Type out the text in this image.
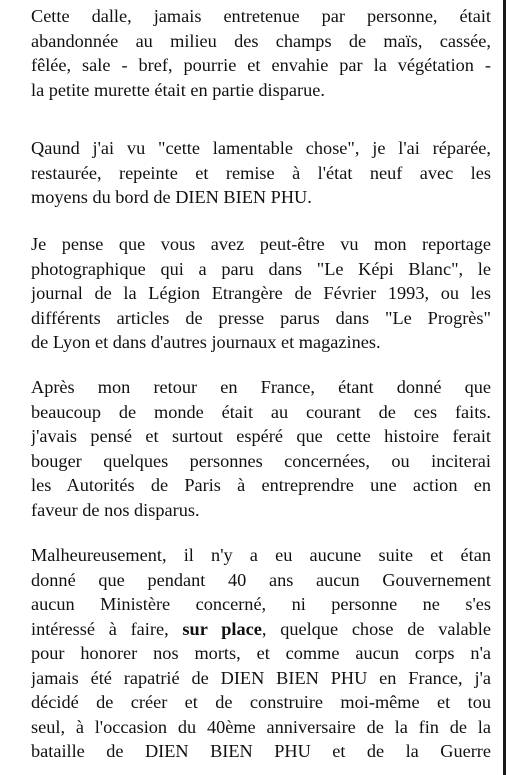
Cette dalle, jamais entretenue par personne, était
abandonnée au milieu des champs de maïs, cassée,
fêlée, sale - bref, pourrie et envahie par la végétation -
la petite murette était en partie disparue.
Qaund j'ai vu "cette lamentable chose", je l'ai réparée,
restaurée, repeinte et remise à l'état neuf avec les
moyens du bord de DIEN BIEN PHU.
Je pense que vous avez peut-être vu mon reportage
photographique qui a paru dans "Le Képi Blanc", le
journal de la Légion Etrangère de Février 1993, ou les
différents articles de presse parus dans "Le Progrès"
de Lyon et dans d'autres journaux et magazines.
Après mon retour en France, étant donné que
beaucoup de monde était au courant de ces faits.
j'avais pensé et surtout espéré que cette histoire ferait
bouger quelques personnes concernées, ou inciterai
les Autorités de Paris à entreprendre une action en
faveur de nos disparus.
Malheureusement, il n'y a eu aucune suite et étan
donné que pendant 40 ans aucun Gouvernement
aucun Ministère concerné, ni personne ne s'es
intéressé à faire, sur place, quelque chose de valable
pour honorer nos morts, et comme aucun corps n'a
jamais été rapatrié de DIEN BIEN PHU en France, j'a
décidé de créer et de construire moi-même et tou
seul, à l'occasion du 40ème anniversaire de la fin de la
bataille de DIEN BIEN PHU et de la Guerre
